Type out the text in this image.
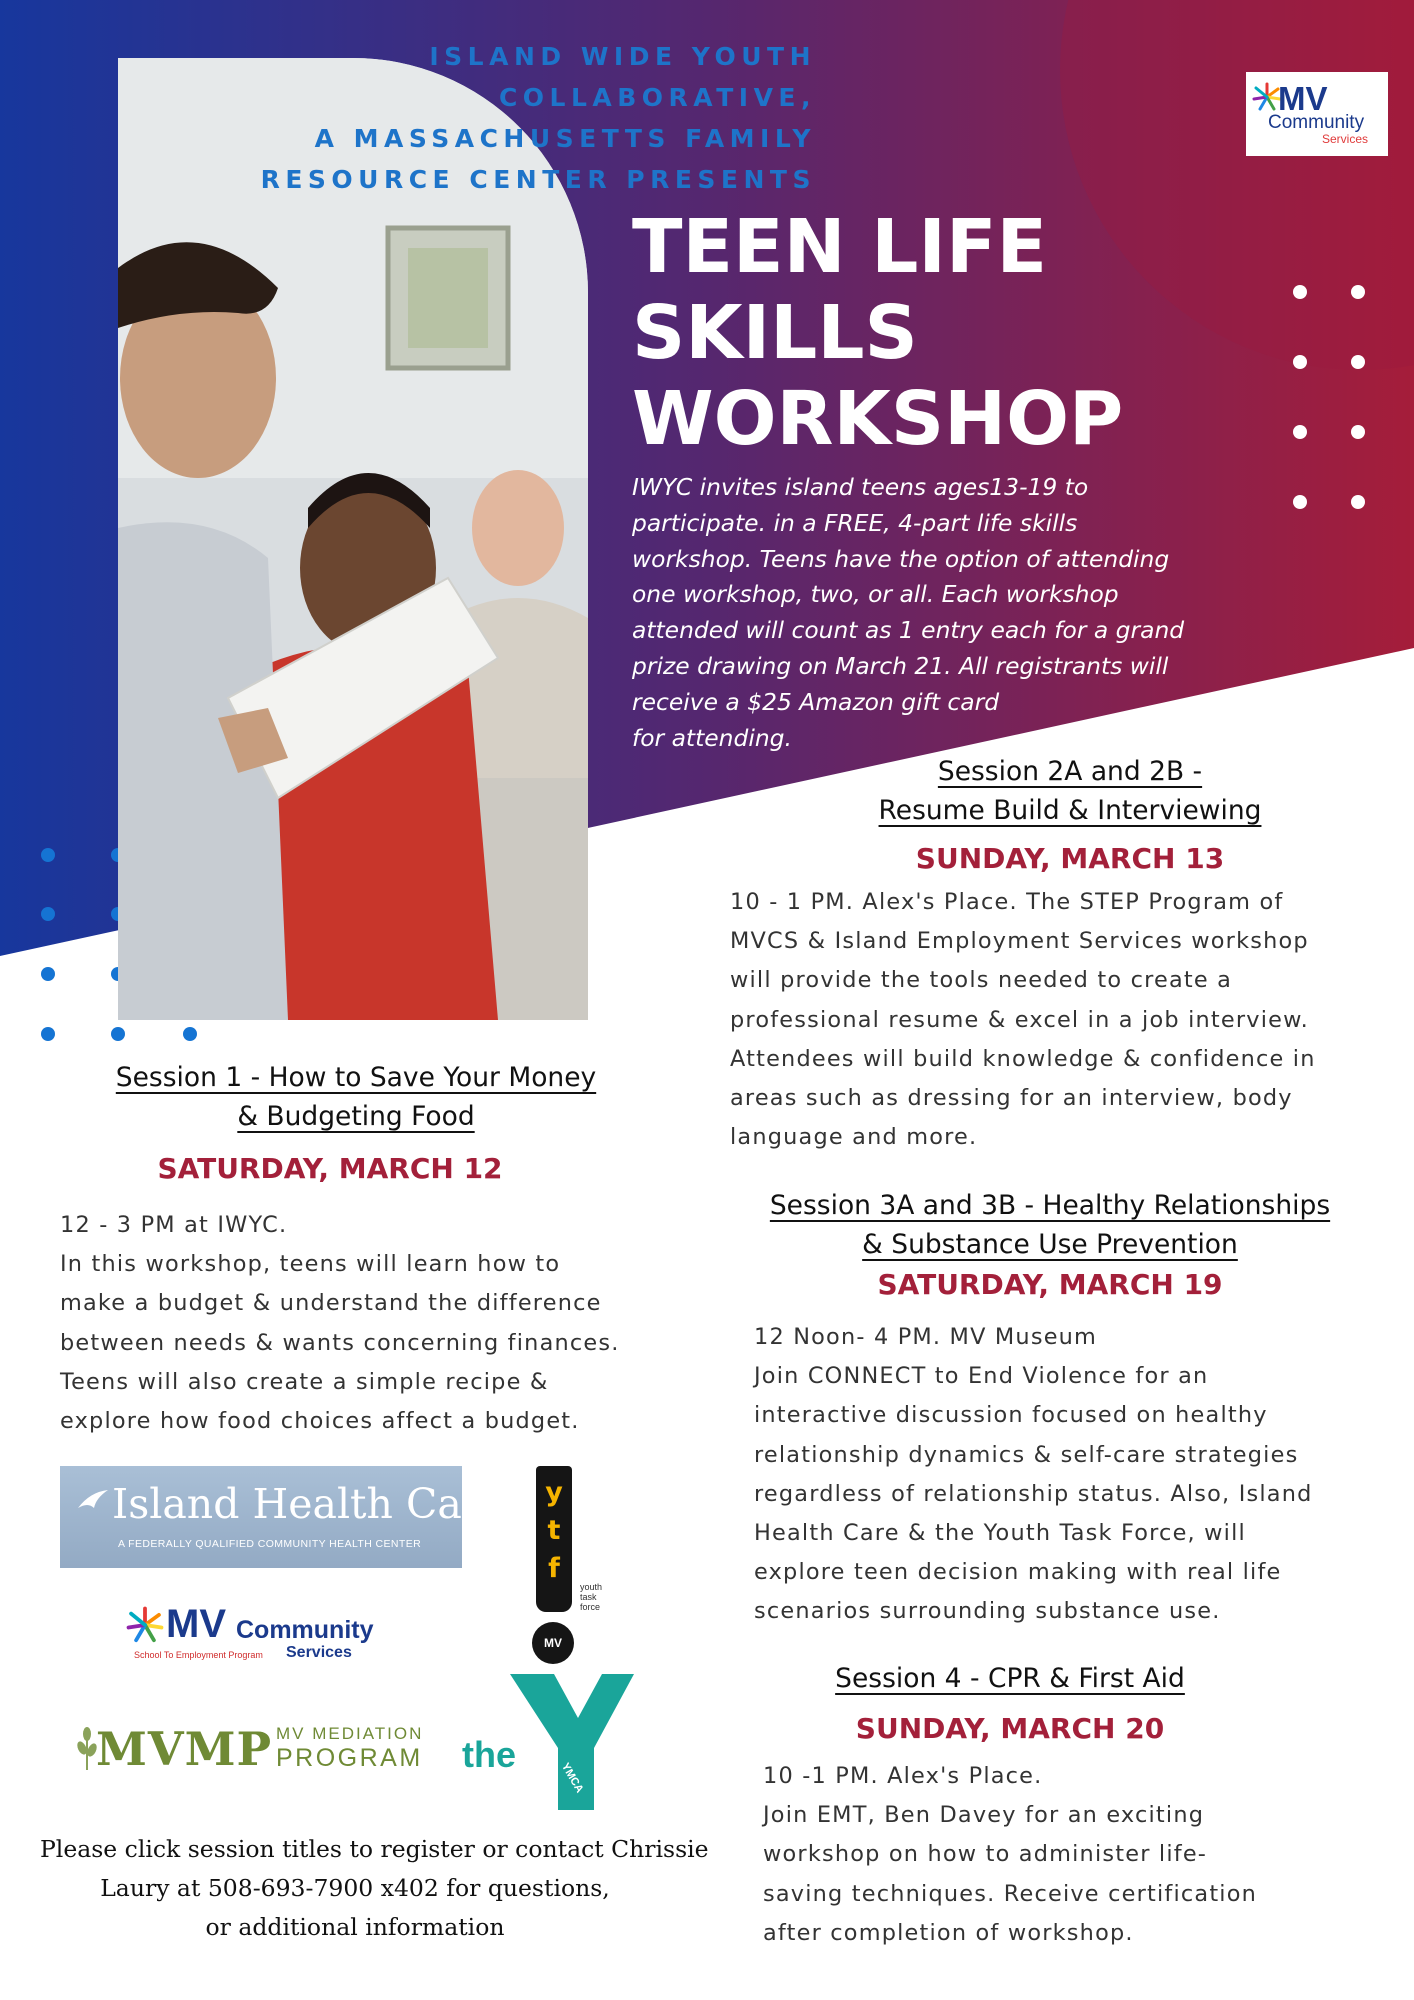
ISLAND WIDE YOUTH
COLLABORATIVE,
A MASSACHUSETTS FAMILY
RESOURCE CENTER PRESENTS
MV
Community
Services
TEEN LIFE
SKILLS
WORKSHOP
IWYC invites island teens ages13-19 to
participate. in a FREE, 4-part life skills
workshop. Teens have the option of attending
one workshop, two, or all. Each workshop
attended will count as 1 entry each for a grand
prize drawing on March 21. All registrants will
receive a $25 Amazon gift card
for attending.
Session 2A and 2B -
Resume Build & Interviewing
SUNDAY, MARCH 13
10 - 1 PM. Alex's Place. The STEP Program of
MVCS & Island Employment Services workshop
will provide the tools needed to create a
professional resume & excel in a job interview.
Attendees will build knowledge & confidence in
areas such as dressing for an interview, body
language and more.
Session 1 - How to Save Your Money
& Budgeting Food
SATURDAY, MARCH 12
12 - 3 PM at IWYC.
In this workshop, teens will learn how to
make a budget & understand the difference
between needs & wants concerning finances.
Teens will also create a simple recipe &
explore how food choices affect a budget.
Session 3A and 3B - Healthy Relationships
& Substance Use Prevention
SATURDAY, MARCH 19
12 Noon- 4 PM. MV Museum
Join CONNECT to End Violence for an
interactive discussion focused on healthy
relationship dynamics & self-care strategies
regardless of relationship status. Also, Island
Health Care & the Youth Task Force, will
explore teen decision making with real life
scenarios surrounding substance use.
Session 4 - CPR & First Aid
SUNDAY, MARCH 20
10 -1 PM. Alex's Place.
Join EMT, Ben Davey for an exciting
workshop on how to administer life-
saving techniques. Receive certification
after completion of workshop.
Island Health Care
A FEDERALLY QUALIFIED COMMUNITY HEALTH CENTER
y
t
f
youth
task
force
MV
MV Community
School To Employment Program Services
MVMP MV MEDIATION
PROGRAM the
YMCA
Please click session titles to register or contact Chrissie
Laury at 508-693-7900 x402 for questions,
or additional information
